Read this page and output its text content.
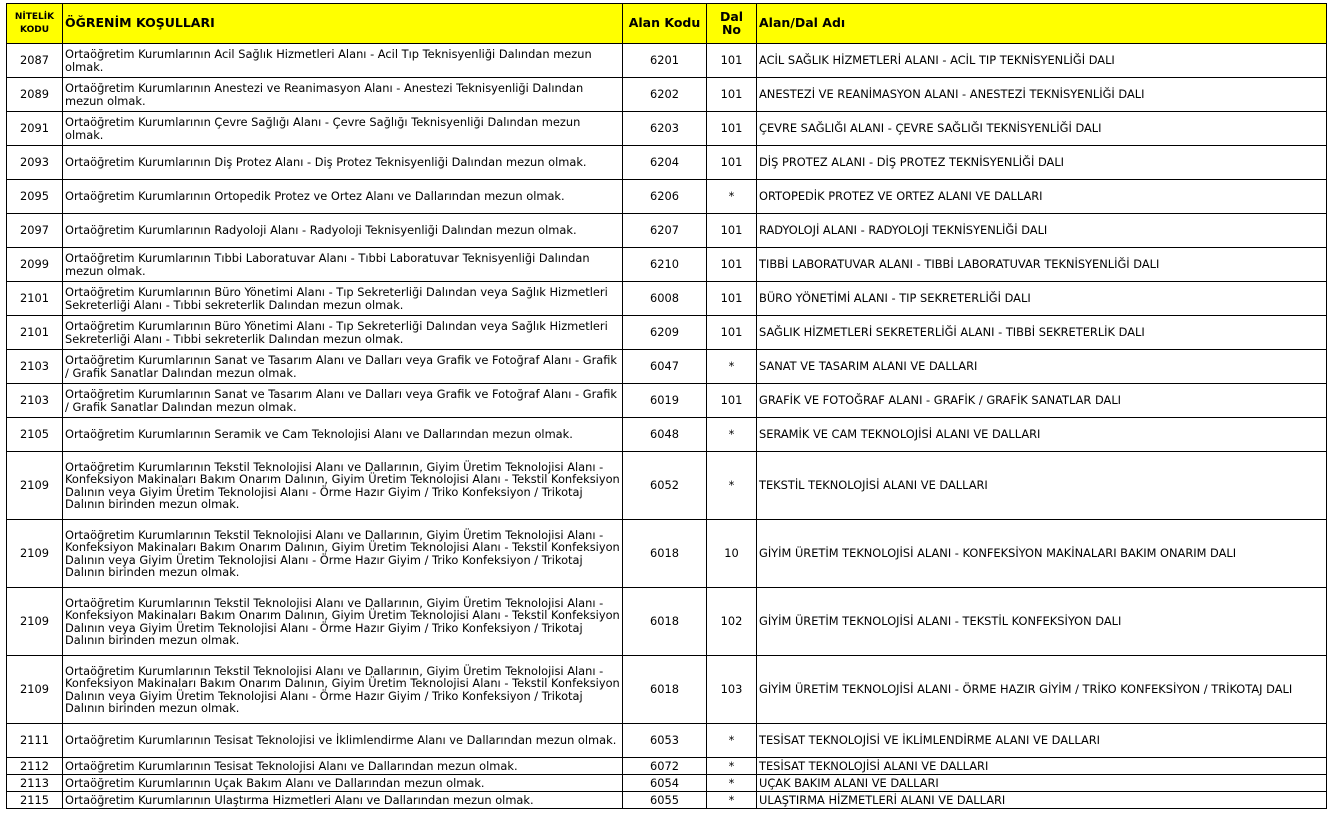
NİTELİK KODU	ÖĞRENİM KOŞULLARI	Alan Kodu	Dal No	Alan/Dal Adı
2087	Ortaöğretim Kurumlarının Acil Sağlık Hizmetleri Alanı - Acil Tıp Teknisyenliği Dalından mezun olmak.	6201	101	ACİL SAĞLIK HİZMETLERİ ALANI - ACİL TIP TEKNİSYENLİĞİ DALI
2089	Ortaöğretim Kurumlarının Anestezi ve Reanimasyon Alanı - Anestezi Teknisyenliği Dalından mezun olmak.	6202	101	ANESTEZİ VE REANİMASYON ALANI - ANESTEZİ TEKNİSYENLİĞİ DALI
2091	Ortaöğretim Kurumlarının Çevre Sağlığı Alanı - Çevre Sağlığı Teknisyenliği Dalından mezun olmak.	6203	101	ÇEVRE SAĞLIĞI ALANI - ÇEVRE SAĞLIĞI TEKNİSYENLİĞİ DALI
2093	Ortaöğretim Kurumlarının Diş Protez Alanı - Diş Protez Teknisyenliği Dalından mezun olmak.	6204	101	DİŞ PROTEZ ALANI - DİŞ PROTEZ TEKNİSYENLİĞİ DALI
2095	Ortaöğretim Kurumlarının Ortopedik Protez ve Ortez Alanı ve Dallarından mezun olmak.	6206	*	ORTOPEDİK PROTEZ VE ORTEZ ALANI VE DALLARI
2097	Ortaöğretim Kurumlarının Radyoloji Alanı - Radyoloji Teknisyenliği Dalından mezun olmak.	6207	101	RADYOLOJİ ALANI - RADYOLOJİ TEKNİSYENLİĞİ DALI
2099	Ortaöğretim Kurumlarının Tıbbi Laboratuvar Alanı - Tıbbi Laboratuvar Teknisyenliği Dalından mezun olmak.	6210	101	TIBBİ LABORATUVAR ALANI - TIBBİ LABORATUVAR TEKNİSYENLİĞİ DALI
2101	Ortaöğretim Kurumlarının Büro Yönetimi Alanı - Tıp Sekreterliği Dalından veya Sağlık Hizmetleri Sekreterliği Alanı - Tıbbi sekreterlik Dalından mezun olmak.	6008	101	BÜRO YÖNETİMİ ALANI - TIP SEKRETERLİĞİ DALI
2101	Ortaöğretim Kurumlarının Büro Yönetimi Alanı - Tıp Sekreterliği Dalından veya Sağlık Hizmetleri Sekreterliği Alanı - Tıbbi sekreterlik Dalından mezun olmak.	6209	101	SAĞLIK HİZMETLERİ SEKRETERLİĞİ ALANI - TIBBİ SEKRETERLİK DALI
2103	Ortaöğretim Kurumlarının Sanat ve Tasarım Alanı ve Dalları veya Grafik ve Fotoğraf Alanı - Grafik / Grafik Sanatlar Dalından mezun olmak.	6047	*	SANAT VE TASARIM ALANI VE DALLARI
2103	Ortaöğretim Kurumlarının Sanat ve Tasarım Alanı ve Dalları veya Grafik ve Fotoğraf Alanı - Grafik / Grafik Sanatlar Dalından mezun olmak.	6019	101	GRAFİK VE FOTOĞRAF ALANI - GRAFİK / GRAFİK SANATLAR DALI
2105	Ortaöğretim Kurumlarının Seramik ve Cam Teknolojisi Alanı ve Dallarından mezun olmak.	6048	*	SERAMİK VE CAM TEKNOLOJİSİ ALANI VE DALLARI
2109	Ortaöğretim Kurumlarının Tekstil Teknolojisi Alanı ve Dallarının, Giyim Üretim Teknolojisi Alanı - Konfeksiyon Makinaları Bakım Onarım Dalının, Giyim Üretim Teknolojisi Alanı - Tekstil Konfeksiyon Dalının veya Giyim Üretim Teknolojisi Alanı - Örme Hazır Giyim / Triko Konfeksiyon / Trikotaj Dalının birinden mezun olmak.	6052	*	TEKSTİL TEKNOLOJİSİ ALANI VE DALLARI
2109	Ortaöğretim Kurumlarının Tekstil Teknolojisi Alanı ve Dallarının, Giyim Üretim Teknolojisi Alanı - Konfeksiyon Makinaları Bakım Onarım Dalının, Giyim Üretim Teknolojisi Alanı - Tekstil Konfeksiyon Dalının veya Giyim Üretim Teknolojisi Alanı - Örme Hazır Giyim / Triko Konfeksiyon / Trikotaj Dalının birinden mezun olmak.	6018	10	GİYİM ÜRETİM TEKNOLOJİSİ ALANI - KONFEKSİYON MAKİNALARI BAKIM ONARIM DALI
2109	Ortaöğretim Kurumlarının Tekstil Teknolojisi Alanı ve Dallarının, Giyim Üretim Teknolojisi Alanı - Konfeksiyon Makinaları Bakım Onarım Dalının, Giyim Üretim Teknolojisi Alanı - Tekstil Konfeksiyon Dalının veya Giyim Üretim Teknolojisi Alanı - Örme Hazır Giyim / Triko Konfeksiyon / Trikotaj Dalının birinden mezun olmak.	6018	102	GİYİM ÜRETİM TEKNOLOJİSİ ALANI - TEKSTİL KONFEKSİYON DALI
2109	Ortaöğretim Kurumlarının Tekstil Teknolojisi Alanı ve Dallarının, Giyim Üretim Teknolojisi Alanı - Konfeksiyon Makinaları Bakım Onarım Dalının, Giyim Üretim Teknolojisi Alanı - Tekstil Konfeksiyon Dalının veya Giyim Üretim Teknolojisi Alanı - Örme Hazır Giyim / Triko Konfeksiyon / Trikotaj Dalının birinden mezun olmak.	6018	103	GİYİM ÜRETİM TEKNOLOJİSİ ALANI - ÖRME HAZIR GİYİM / TRİKO KONFEKSİYON / TRİKOTAJ DALI
2111	Ortaöğretim Kurumlarının Tesisat Teknolojisi ve İklimlendirme Alanı ve Dallarından mezun olmak.	6053	*	TESİSAT TEKNOLOJİSİ VE İKLİMLENDİRME ALANI VE DALLARI
2112	Ortaöğretim Kurumlarının Tesisat Teknolojisi Alanı ve Dallarından mezun olmak.	6072	*	TESİSAT TEKNOLOJİSİ ALANI VE DALLARI
2113	Ortaöğretim Kurumlarının Uçak Bakım Alanı ve Dallarından mezun olmak.	6054	*	UÇAK BAKIM ALANI VE DALLARI
2115	Ortaöğretim Kurumlarının Ulaştırma Hizmetleri Alanı ve Dallarından mezun olmak.	6055	*	ULAŞTIRMA HİZMETLERİ ALANI VE DALLARI
